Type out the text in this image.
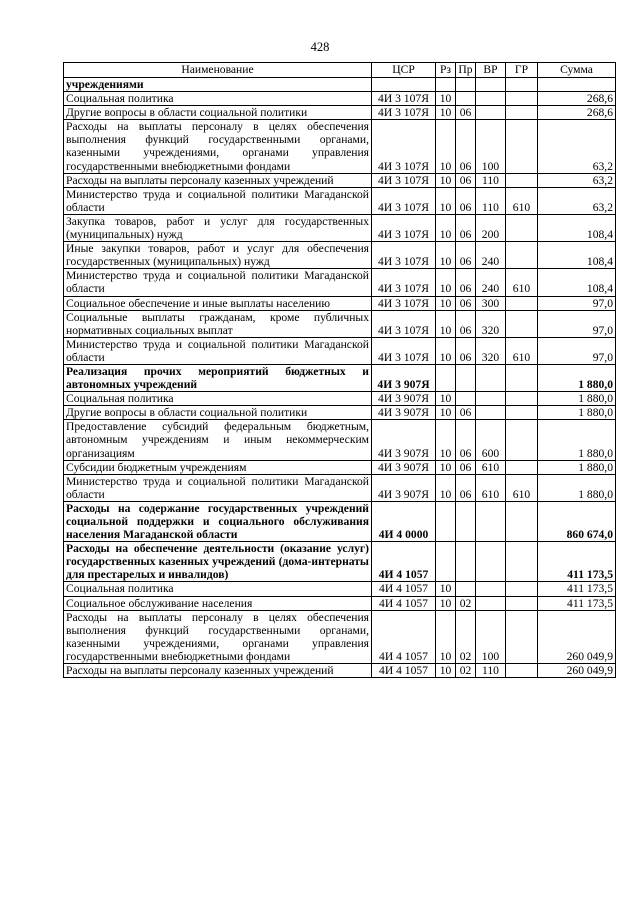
428
Наименование	ЦСР	Рз	Пр	ВР	ГР	Сумма
учреждениями						
Социальная политика	4И 3 107Я	10				268,6
Другие вопросы в области социальной политики	4И 3 107Я	10	06			268,6
Расходы на выплаты персоналу в целях обеспечения выполнения функций государственными органами, казенными учреждениями, органами управления государственными внебюджетными фондами	4И 3 107Я	10	06	100		63,2
Расходы на выплаты персоналу казенных учреждений	4И 3 107Я	10	06	110		63,2
Министерство труда и социальной политики Магаданской области	4И 3 107Я	10	06	110	610	63,2
Закупка товаров, работ и услуг для государственных (муниципальных) нужд	4И 3 107Я	10	06	200		108,4
Иные закупки товаров, работ и услуг для обеспечения государственных (муниципальных) нужд	4И 3 107Я	10	06	240		108,4
Министерство труда и социальной политики Магаданской области	4И 3 107Я	10	06	240	610	108,4
Социальное обеспечение и иные выплаты населению	4И 3 107Я	10	06	300		97,0
Социальные выплаты гражданам, кроме публичных нормативных социальных выплат	4И 3 107Я	10	06	320		97,0
Министерство труда и социальной политики Магаданской области	4И 3 107Я	10	06	320	610	97,0
Реализация прочих мероприятий бюджетных и автономных учреждений	4И 3 907Я					1 880,0
Социальная политика	4И 3 907Я	10				1 880,0
Другие вопросы в области социальной политики	4И 3 907Я	10	06			1 880,0
Предоставление субсидий федеральным бюджетным, автономным учреждениям и иным некоммерческим организациям	4И 3 907Я	10	06	600		1 880,0
Субсидии бюджетным учреждениям	4И 3 907Я	10	06	610		1 880,0
Министерство труда и социальной политики Магаданской области	4И 3 907Я	10	06	610	610	1 880,0
Расходы на содержание государственных учреждений социальной поддержки и социального обслуживания населения Магаданской области	4И 4 0000					860 674,0
Расходы на обеспечение деятельности (оказание услуг) государственных казенных учреждений (дома-интернаты для престарелых и инвалидов)	4И 4 1057					411 173,5
Социальная политика	4И 4 1057	10				411 173,5
Социальное обслуживание населения	4И 4 1057	10	02			411 173,5
Расходы на выплаты персоналу в целях обеспечения выполнения функций государственными органами, казенными учреждениями, органами управления государственными внебюджетными фондами	4И 4 1057	10	02	100		260 049,9
Расходы на выплаты персоналу казенных учреждений	4И 4 1057	10	02	110		260 049,9
